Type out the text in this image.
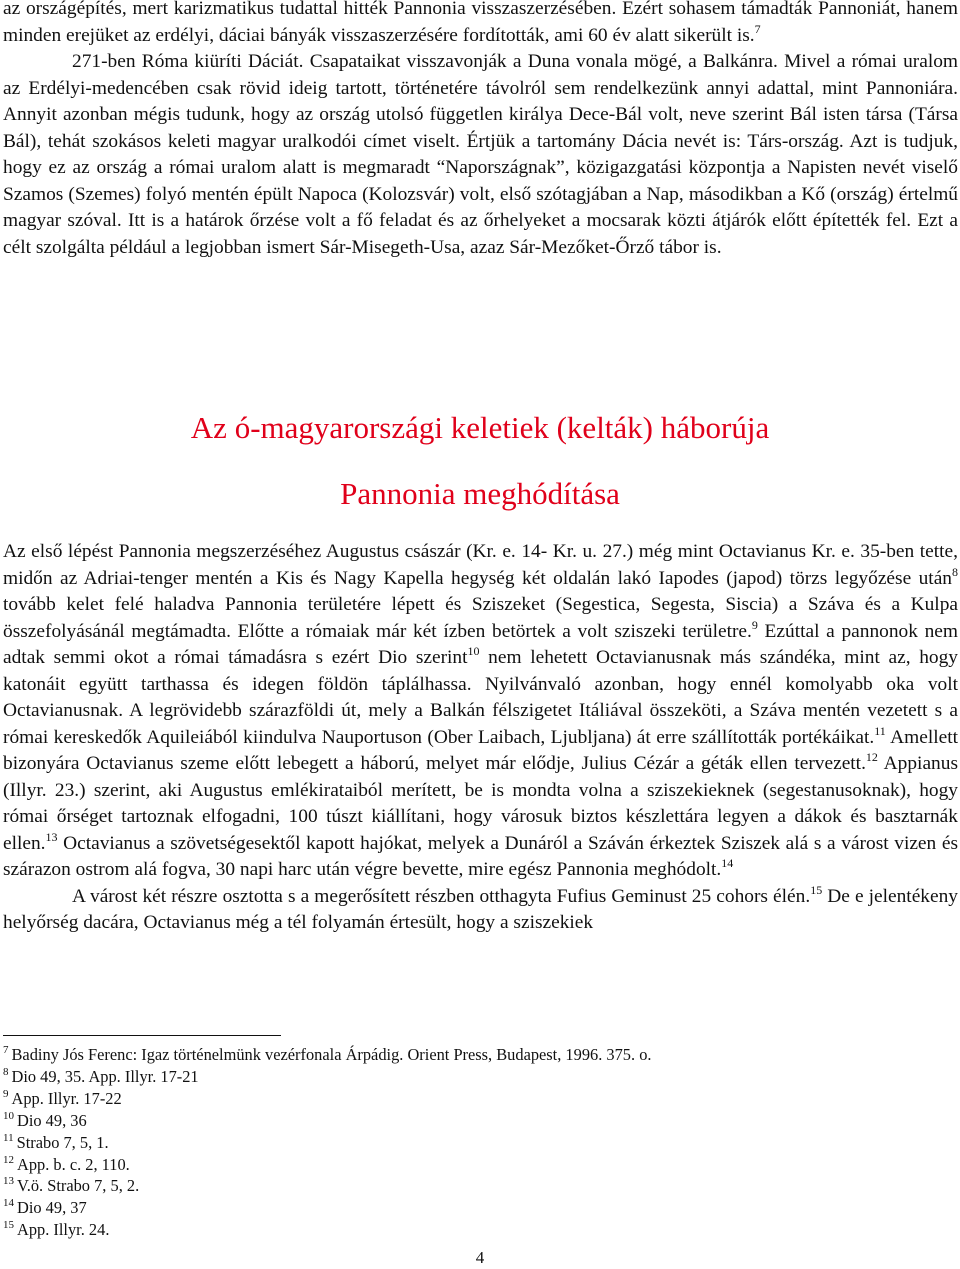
az országépítés, mert karizmatikus tudattal hitték Pannonia visszaszerzésében. Ezért sohasem támadták Pannoniát, hanem minden erejüket az erdélyi, dáciai bányák visszaszerzésére fordították, ami 60 év alatt sikerült is.$^7$
271-ben Róma kiüríti Dáciát. Csapataikat visszavonják a Duna vonala mögé, a Balkánra. Mivel a római uralom az Erdélyi-medencében csak rövid ideig tartott, történetére távolról sem rendelkezünk annyi adattal, mint Pannoniára. Annyit azonban mégis tudunk, hogy az ország utolsó független királya Dece-Bál volt, neve szerint Bál isten társa (Társa Bál), tehát szokásos keleti magyar uralkodói címet viselt. Értjük a tartomány Dácia nevét is: Társ-ország. Azt is tudjuk, hogy ez az ország a római uralom alatt is megmaradt “Napországnak”, közigazgatási központja a Napisten nevét viselő Szamos (Szemes) folyó mentén épült Napoca (Kolozsvár) volt, első szótagjában a Nap, másodikban a Kő (ország) értelmű magyar szóval. Itt is a határok őrzése volt a fő feladat és az őrhelyeket a mocsarak közti átjárók előtt építették fel. Ezt a célt szolgálta például a legjobban ismert Sár-Misegeth-Usa, azaz Sár-Mezőket-Őrző tábor is.

Az ó-magyarországi keletiek (kelták) háborúja
Pannonia meghódítása

Az első lépést Pannonia megszerzéséhez Augustus császár (Kr. e. 14- Kr. u. 27.) még mint Octavianus Kr. e. 35-ben tette, midőn az Adriai-tenger mentén a Kis és Nagy Kapella hegység két oldalán lakó Iapodes (japod) törzs legyőzése után$^8$ tovább kelet felé haladva Pannonia területére lépett és Sziszeket (Segestica, Segesta, Siscia) a Száva és a Kulpa összefolyásánál megtámadta. Előtte a rómaiak már két ízben betörtek a volt sziszeki területre.$^9$ Ezúttal a pannonok nem adtak semmi okot a római támadásra s ezért Dio szerint$^{10}$ nem lehetett Octavianusnak más szándéka, mint az, hogy katonáit együtt tarthassa és idegen földön táplálhassa. Nyilvánvaló azonban, hogy ennél komolyabb oka volt Octavianusnak. A legrövidebb szárazföldi út, mely a Balkán félszigetet Itáliával összeköti, a Száva mentén vezetett s a római kereskedők Aquileiából kiindulva Nauportuson (Ober Laibach, Ljubljana) át erre szállították portékáikat.$^{11}$ Amellett bizonyára Octavianus szeme előtt lebegett a háború, melyet már elődje, Julius Cézár a géták ellen tervezett.$^{12}$ Appianus (Illyr. 23.) szerint, aki Augustus emlékirataiból merített, be is mondta volna a sziszekieknek (segestanusoknak), hogy római őrséget tartoznak elfogadni, 100 túszt kiállítani, hogy városuk biztos készlettára legyen a dákok és basztarnák ellen.$^{13}$ Octavianus a szövetségesektől kapott hajókat, melyek a Dunáról a Száván érkeztek Sziszek alá s a várost vizen és szárazon ostrom alá fogva, 30 napi harc után végre bevette, mire egész Pannonia meghódolt.$^{14}$
A várost két részre osztotta s a megerősített részben otthagyta Fufius Geminust 25 cohors élén.$^{15}$ De e jelentékeny helyőrség dacára, Octavianus még a tél folyamán értesült, hogy a sziszekiek

$^7$ Badiny Jós Ferenc: Igaz történelmünk vezérfonala Árpádig. Orient Press, Budapest, 1996. 375. o.
$^8$ Dio 49, 35. App. Illyr. 17-21
$^9$ App. Illyr. 17-22
$^{10}$ Dio 49, 36
$^{11}$ Strabo 7, 5, 1.
$^{12}$ App. b. c. 2, 110.
$^{13}$ V.ö. Strabo 7, 5, 2.
$^{14}$ Dio 49, 37
$^{15}$ App. Illyr. 24.
4
